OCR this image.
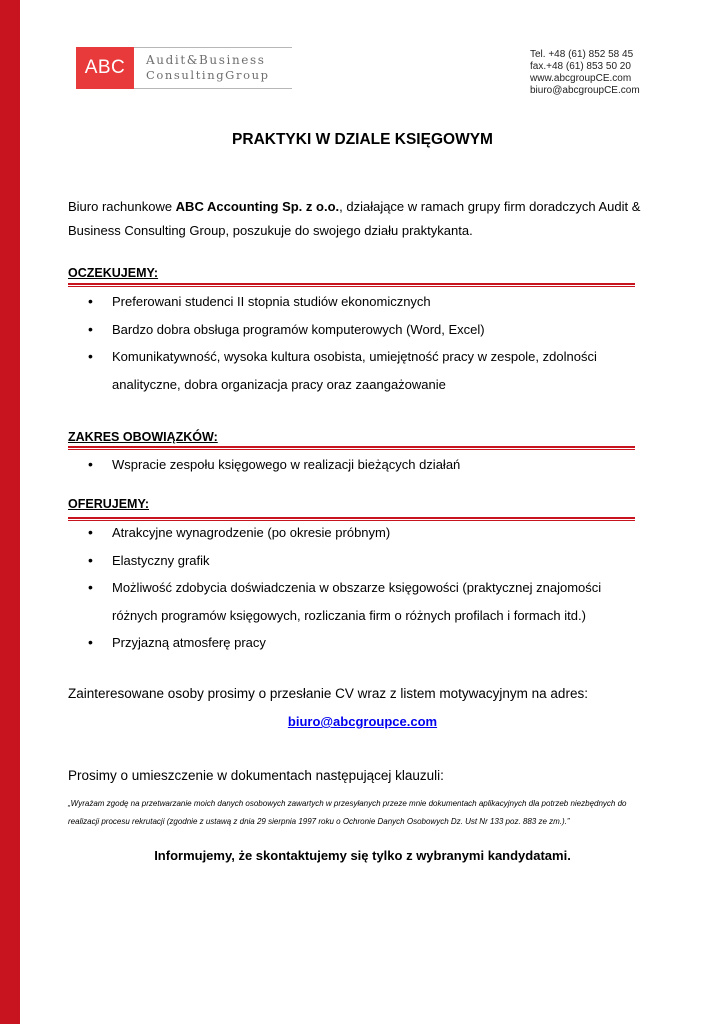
ABC	Audit&Business
ConsultingGroup
Tel. +48 (61) 852 58 45
fax.+48 (61) 853 50 20
www.abcgroupCE.com
biuro@abcgroupCE.com
PRAKTYKI W DZIALE KSIĘGOWYM
Biuro rachunkowe ABC Accounting Sp. z o.o., działające w ramach grupy firm doradczych Audit & Business Consulting Group, poszukuje do swojego działu praktykanta.
OCZEKUJEMY:
• Preferowani studenci II stopnia studiów ekonomicznych
• Bardzo dobra obsługa programów komputerowych (Word, Excel)
• Komunikatywność, wysoka kultura osobista, umiejętność pracy w zespole, zdolności analityczne, dobra organizacja pracy oraz zaangażowanie
ZAKRES OBOWIĄZKÓW:
• Wspracie zespołu księgowego w realizacji bieżących działań
OFERUJEMY:
• Atrakcyjne wynagrodzenie (po okresie próbnym)
• Elastyczny grafik
• Możliwość zdobycia doświadczenia w obszarze księgowości (praktycznej znajomości różnych programów księgowych, rozliczania firm o różnych profilach i formach itd.)
• Przyjazną atmosferę pracy
Zainteresowane osoby prosimy o przesłanie CV wraz z listem motywacyjnym na adres:
biuro@abcgroupce.com
Prosimy o umieszczenie w dokumentach następującej klauzuli:
„Wyrażam zgodę na przetwarzanie moich danych osobowych zawartych w przesyłanych przeze mnie dokumentach aplikacyjnych dla potrzeb niezbędnych do realizacji procesu rekrutacji (zgodnie z ustawą z dnia 29 sierpnia 1997 roku o Ochronie Danych Osobowych Dz. Ust Nr 133 poz. 883 ze zm.).”
Informujemy, że skontaktujemy się tylko z wybranymi kandydatami.
